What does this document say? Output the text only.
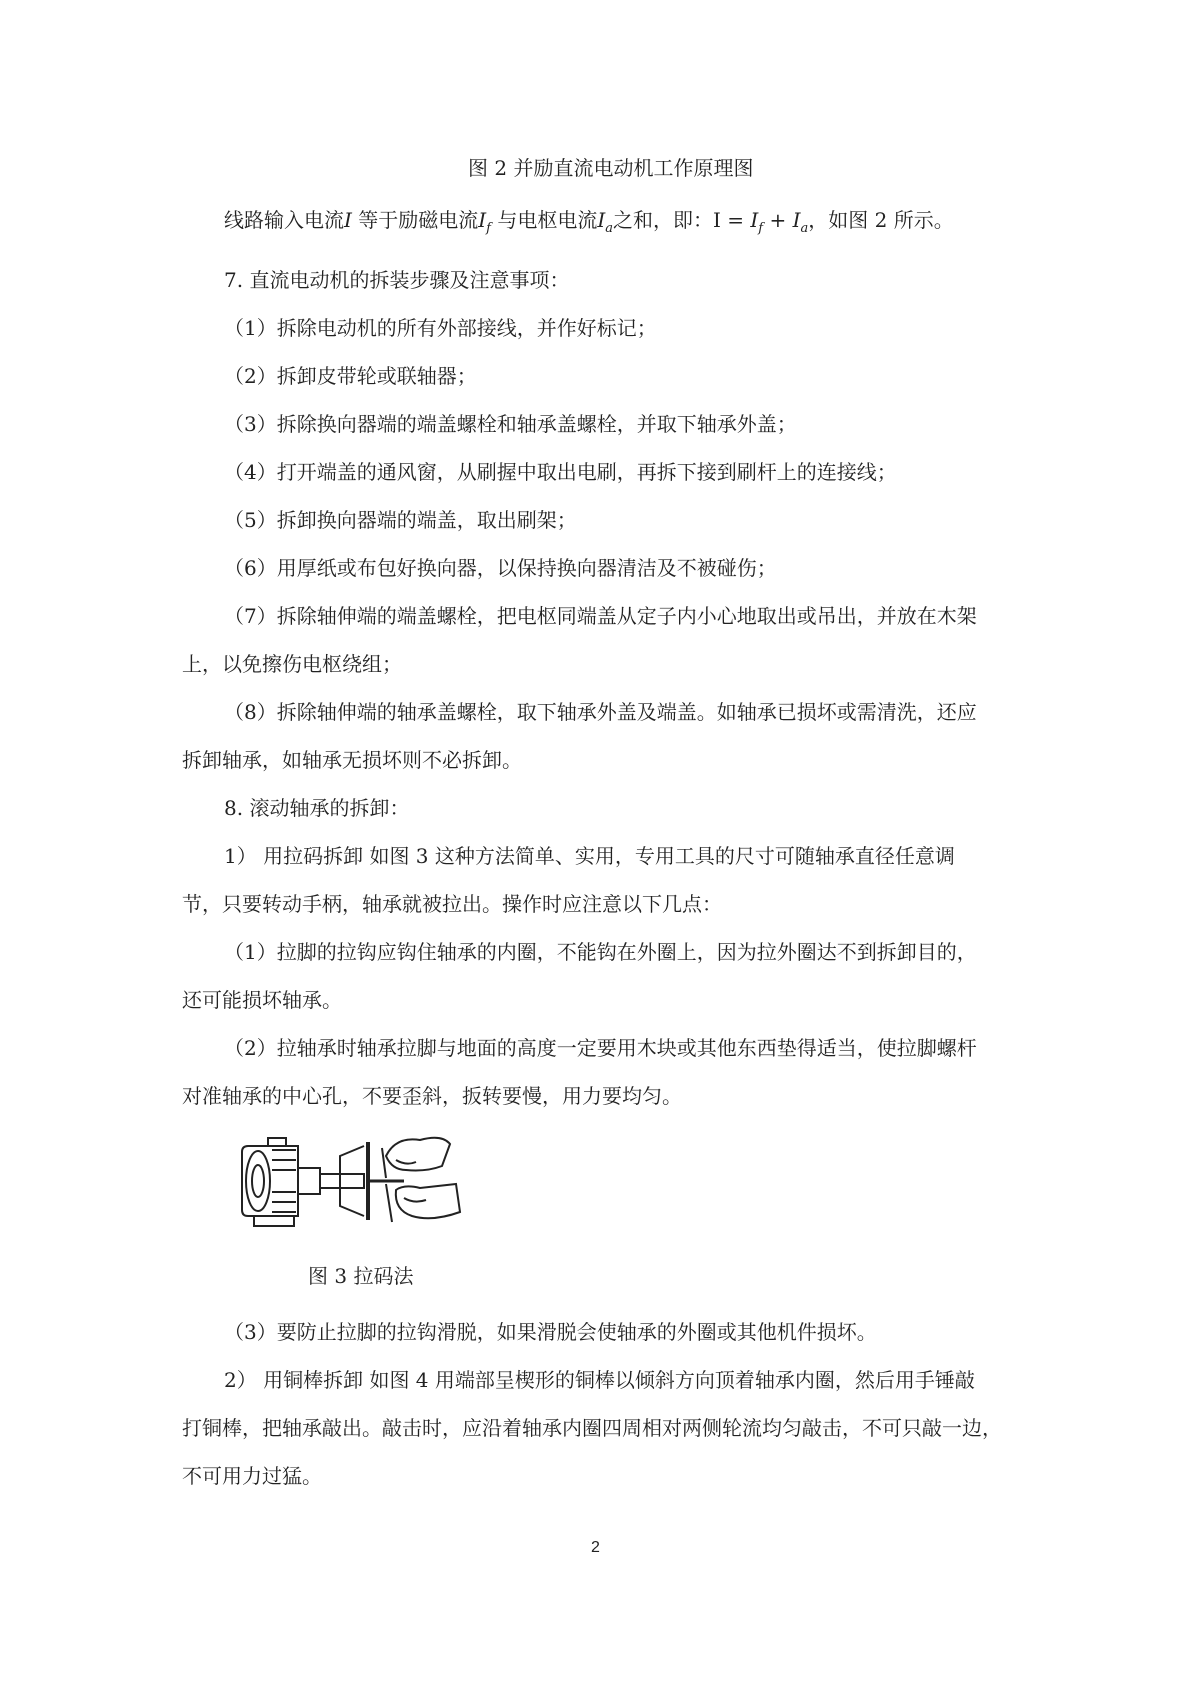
图 2 并励直流电动机工作原理图
线路输入电流I 等于励磁电流$I_f$ 与电枢电流$I_a$之和，即：$I = I_f + I_a$，如图 2 所示。
7. 直流电动机的拆装步骤及注意事项：
（1）拆除电动机的所有外部接线，并作好标记；
（2）拆卸皮带轮或联轴器；
（3）拆除换向器端的端盖螺栓和轴承盖螺栓，并取下轴承外盖；
（4）打开端盖的通风窗，从刷握中取出电刷，再拆下接到刷杆上的连接线；
（5）拆卸换向器端的端盖，取出刷架；
（6）用厚纸或布包好换向器，以保持换向器清洁及不被碰伤；
（7）拆除轴伸端的端盖螺栓，把电枢同端盖从定子内小心地取出或吊出，并放在木架
上，以免擦伤电枢绕组；
（8）拆除轴伸端的轴承盖螺栓，取下轴承外盖及端盖。如轴承已损坏或需清洗，还应
拆卸轴承，如轴承无损坏则不必拆卸。
8. 滚动轴承的拆卸：
1） 用拉码拆卸 如图 3 这种方法简单、实用，专用工具的尺寸可随轴承直径任意调
节，只要转动手柄，轴承就被拉出。操作时应注意以下几点：
（1）拉脚的拉钩应钩住轴承的内圈，不能钩在外圈上，因为拉外圈达不到拆卸目的，
还可能损坏轴承。
（2）拉轴承时轴承拉脚与地面的高度一定要用木块或其他东西垫得适当，使拉脚螺杆
对准轴承的中心孔，不要歪斜，扳转要慢，用力要均匀。
图 3 拉码法
（3）要防止拉脚的拉钩滑脱，如果滑脱会使轴承的外圈或其他机件损坏。
2） 用铜棒拆卸 如图 4 用端部呈楔形的铜棒以倾斜方向顶着轴承内圈，然后用手锤敲
打铜棒，把轴承敲出。敲击时，应沿着轴承内圈四周相对两侧轮流均匀敲击，不可只敲一边，
不可用力过猛。
2
